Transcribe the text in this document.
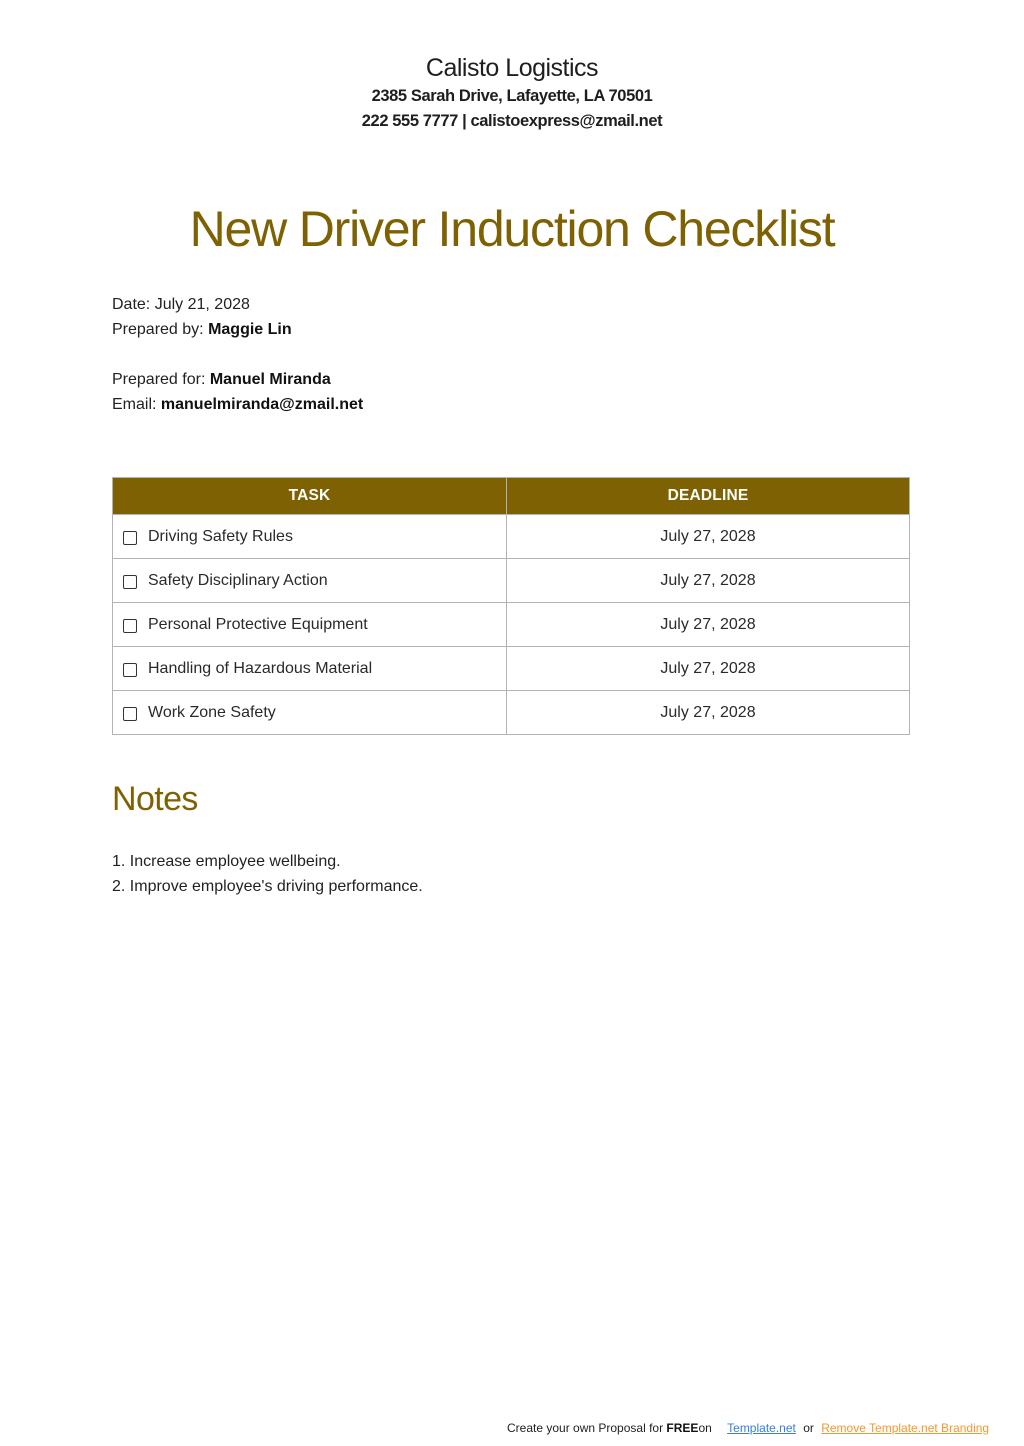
Calisto Logistics
2385 Sarah Drive, Lafayette, LA 70501
222 555 7777 | calistoexpress@zmail.net
New Driver Induction Checklist
Date: July 21, 2028
Prepared by: Maggie Lin
Prepared for: Manuel Miranda
Email: manuelmiranda@zmail.net
TASK	DEADLINE

Driving Safety Rules	July 27, 2028

Safety Disciplinary Action	July 27, 2028

Personal Protective Equipment	July 27, 2028

Handling of Hazardous Material	July 27, 2028

Work Zone Safety	July 27, 2028
Notes
1. Increase employee wellbeing.
2. Improve employee's driving performance.
Create your own Proposal for FREEon Template.net or Remove Template.net Branding
